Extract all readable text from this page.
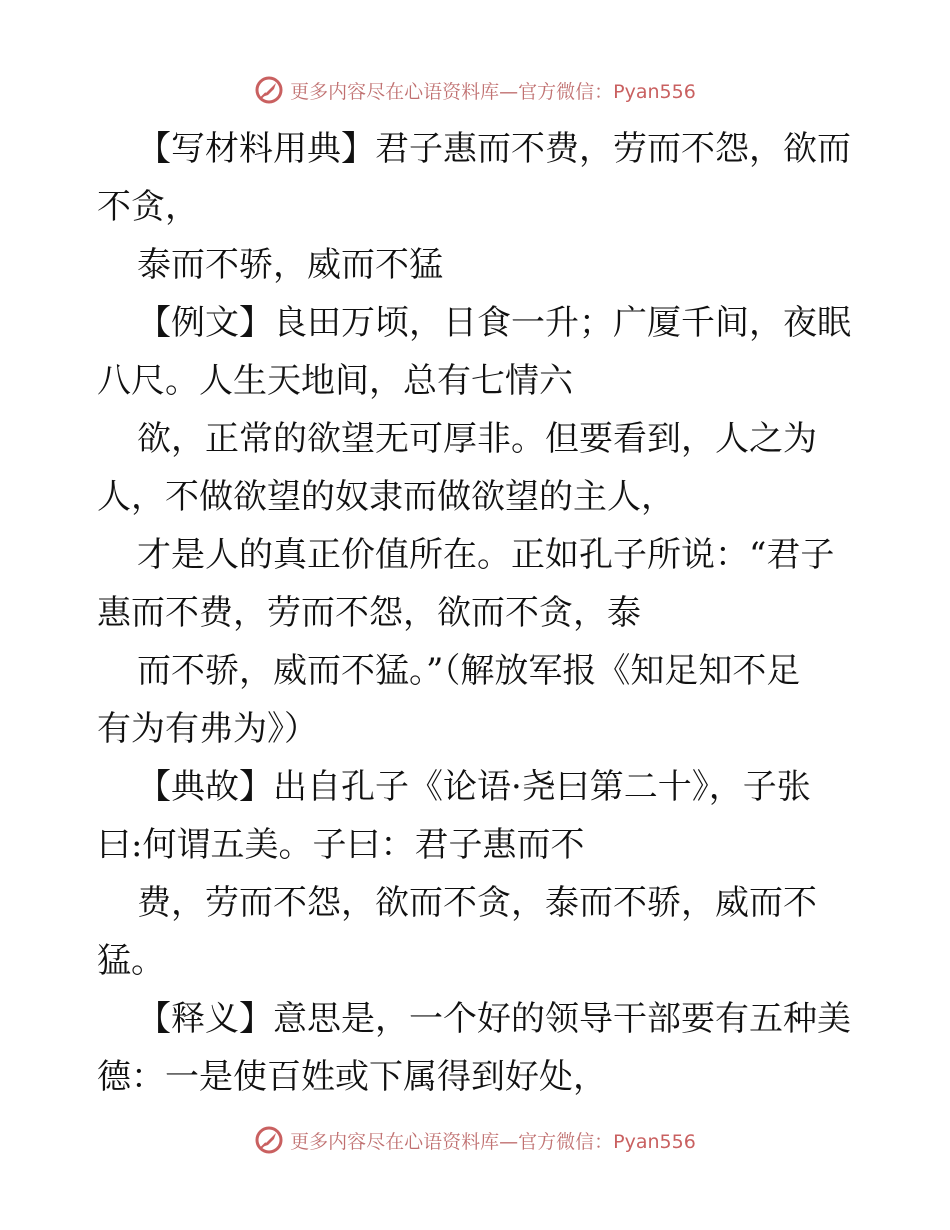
更多内容尽在心语资料库—官方微信：Pyan556
【写材料用典】君子惠而不费，劳而不怨，欲而
不贪，
泰而不骄，威而不猛
【例文】良田万顷，日食一升；广厦千间，夜眠
八尺。人生天地间，总有七情六
欲，正常的欲望无可厚非。但要看到，人之为
人，不做欲望的奴隶而做欲望的主人，
才是人的真正价值所在。正如孔子所说：“君子
惠而不费，劳而不怨，欲而不贪，泰
而不骄，威而不猛。”（解放军报《知足知不足
有为有弗为》）
【典故】出自孔子《论语·尧曰第二十》，子张
曰:何谓五美。子曰：君子惠而不
费，劳而不怨，欲而不贪，泰而不骄，威而不
猛。
【释义】意思是，一个好的领导干部要有五种美
德：一是使百姓或下属得到好处，
更多内容尽在心语资料库—官方微信：Pyan556
